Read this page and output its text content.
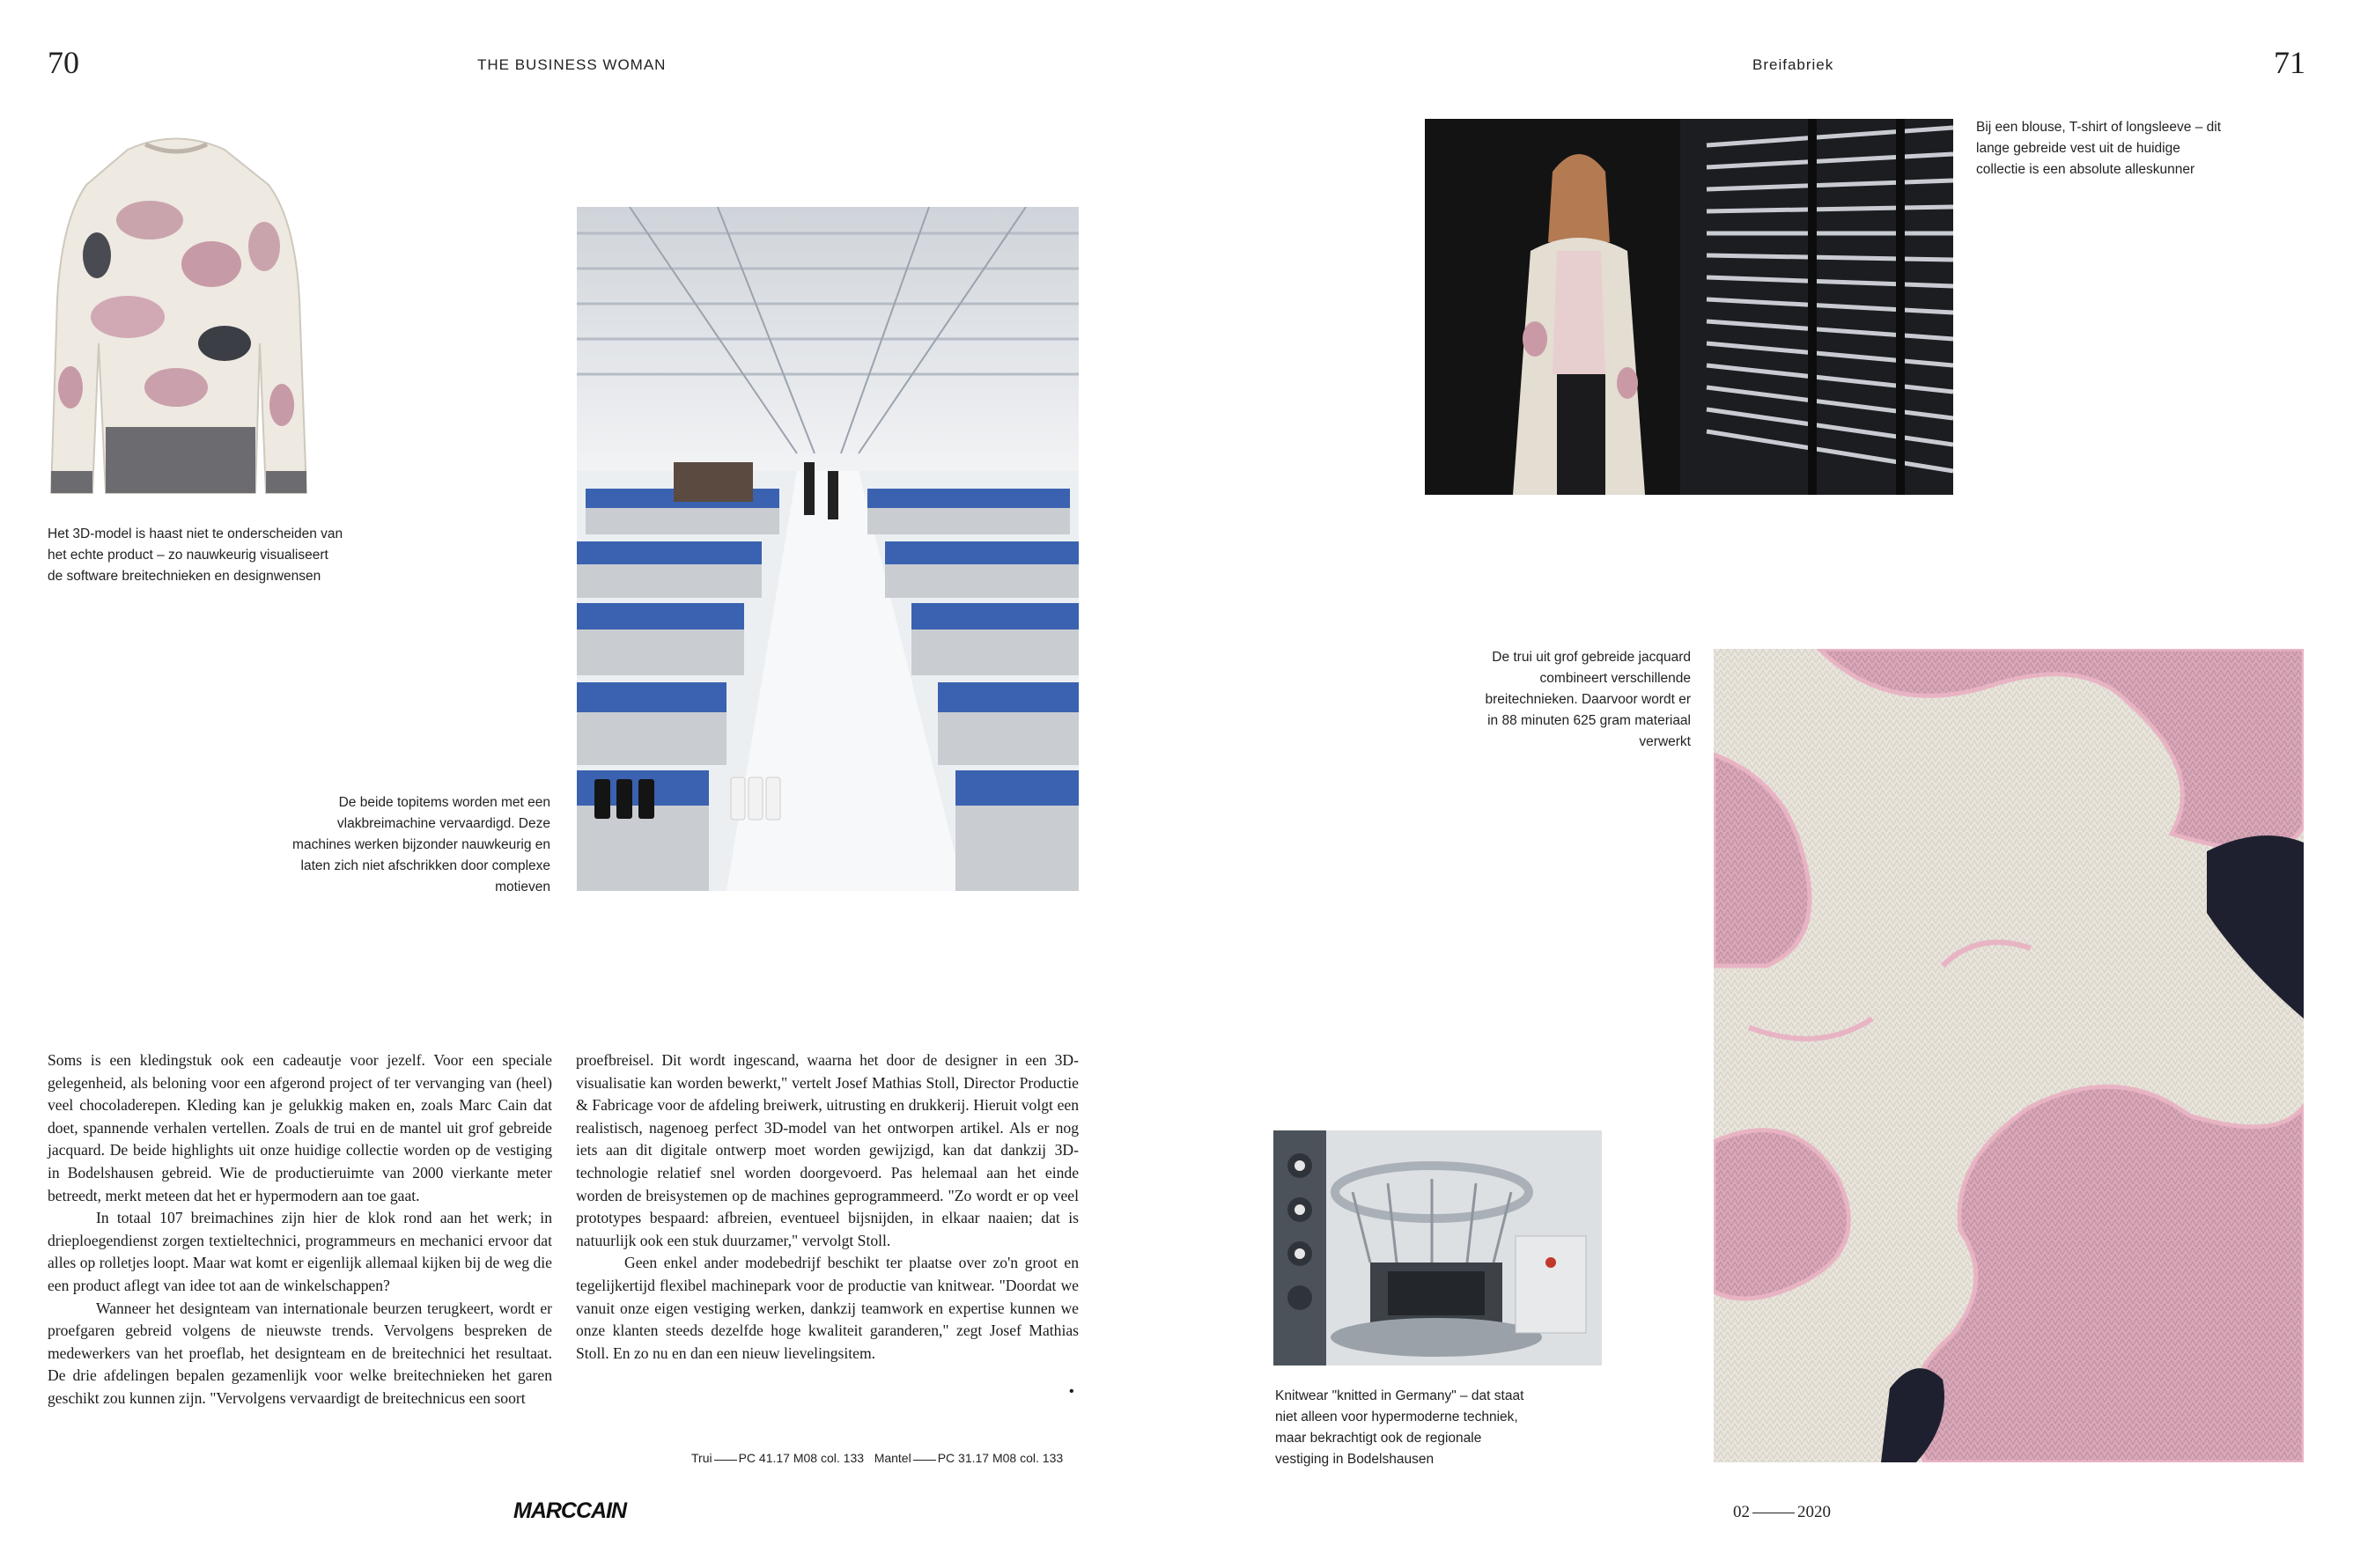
70	THE BUSINESS WOMAN
Het 3D-model is haast niet te onderscheiden van het echte product – zo nauwkeurig visualiseert de software breitechnieken en designwensen
De beide topitems worden met een vlakbreimachine vervaardigd. Deze machines werken bijzonder nauwkeurig en laten zich niet afschrikken door complexe motieven

Soms is een kledingstuk ook een cadeautje voor jezelf. Voor een speciale gelegenheid, als beloning voor een afgerond project of ter vervanging van (heel) veel chocoladerepen. Kleding kan je gelukkig maken en, zoals Marc Cain dat doet, spannende verhalen vertellen. Zoals de trui en de mantel uit grof gebreide jacquard. De beide highlights uit onze huidige collectie worden op de vestiging in Bodelshausen gebreid. Wie de productieruimte van 2000 vierkante meter betreedt, merkt meteen dat het er hypermodern aan toe gaat.

In totaal 107 breimachines zijn hier de klok rond aan het werk; in drieploegendienst zorgen textieltechnici, programmeurs en mechanici ervoor dat alles op rolletjes loopt. Maar wat komt er eigenlijk allemaal kijken bij de weg die een product aflegt van idee tot aan de winkelschappen?

Wanneer het designteam van internationale beurzen terugkeert, wordt er proefgaren gebreid volgens de nieuwste trends. Vervolgens bespreken de medewerkers van het proeflab, het designteam en de breitechnici het resultaat. De drie afdelingen bepalen gezamenlijk voor welke breitechnieken het garen geschikt zou kunnen zijn. "Vervolgens vervaardigt de breitechnicus een soort

proefbreisel. Dit wordt ingescand, waarna het door de designer in een 3D-visualisatie kan worden bewerkt," vertelt Josef Mathias Stoll, Director Productie & Fabricage voor de afdeling breiwerk, uitrusting en drukkerij. Hieruit volgt een realistisch, nagenoeg perfect 3D-model van het ontworpen artikel. Als er nog iets aan dit digitale ontwerp moet worden gewijzigd, kan dat dankzij 3D-technologie relatief snel worden doorgevoerd. Pas helemaal aan het einde worden de breisystemen op de machines geprogrammeerd. "Zo wordt er op veel prototypes bespaard: afbreien, eventueel bijsnijden, in elkaar naaien; dat is natuurlijk ook een stuk duurzamer," vervolgt Stoll.

Geen enkel ander modebedrijf beschikt ter plaatse over zo'n groot en tegelijkertijd flexibel machinepark voor de productie van knitwear. "Doordat we vanuit onze eigen vestiging werken, dankzij teamwork en expertise kunnen we onze klanten steeds dezelfde hoge kwaliteit garanderen," zegt Josef Mathias Stoll. En zo nu en dan een nieuw lievelingsitem.

•
Trui PC 41.17 M08 col. 133 Mantel PC 31.17 M08 col. 133
MARCCAIN
Breifabriek	71
Bij een blouse, T-shirt of longsleeve – dit lange gebreide vest uit de huidige collectie is een absolute alleskunner
De trui uit grof gebreide jacquard combineert verschillende breitechnieken. Daarvoor wordt er in 88 minuten 625 gram materiaal verwerkt
Knitwear "knitted in Germany" – dat staat niet alleen voor hypermoderne techniek, maar bekrachtigt ook de regionale vestiging in Bodelshausen
02	2020
